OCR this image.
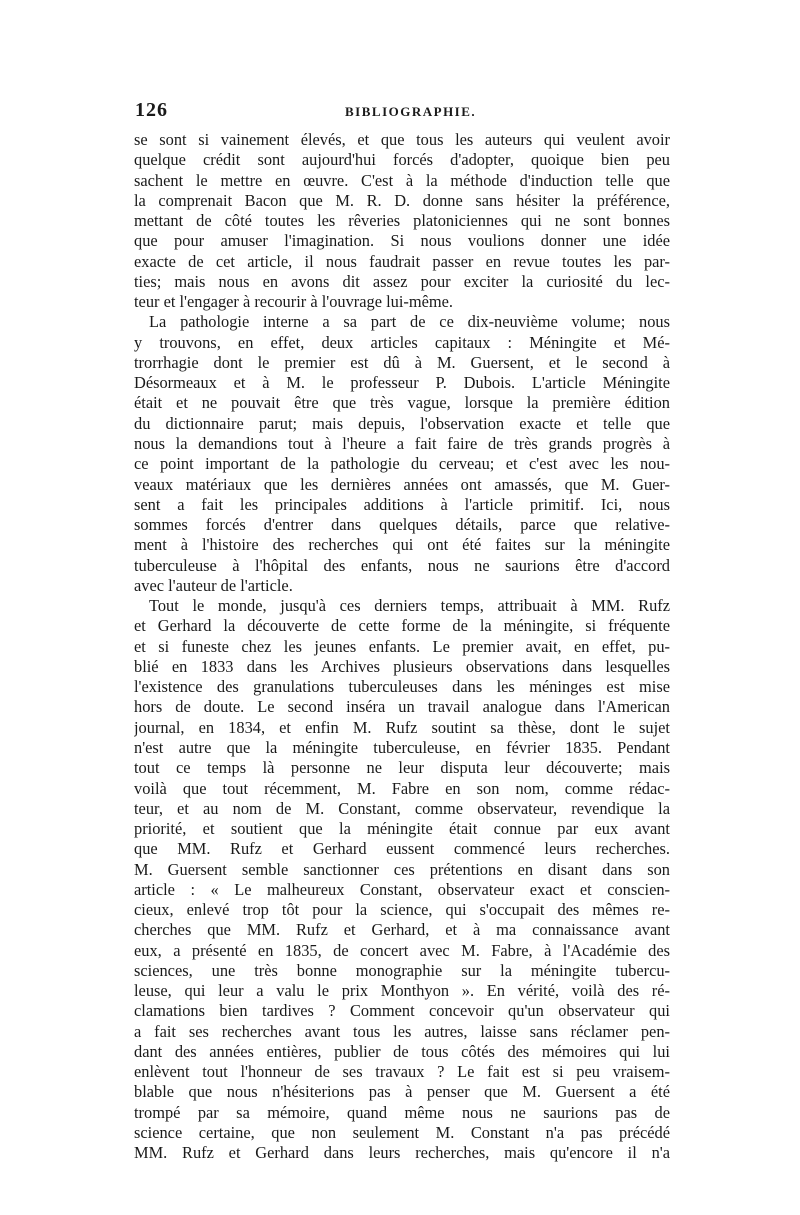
126	BIBLIOGRAPHIE.
se sont si vainement élevés, et que tous les auteurs qui veulent avoir
quelque crédit sont aujourd'hui forcés d'adopter, quoique bien peu
sachent le mettre en œuvre. C'est à la méthode d'induction telle que
la comprenait Bacon que M. R. D. donne sans hésiter la préférence,
mettant de côté toutes les rêveries platoniciennes qui ne sont bonnes
que pour amuser l'imagination. Si nous voulions donner une idée
exacte de cet article, il nous faudrait passer en revue toutes les par-
ties; mais nous en avons dit assez pour exciter la curiosité du lec-
teur et l'engager à recourir à l'ouvrage lui-même.
La pathologie interne a sa part de ce dix-neuvième volume; nous
y trouvons, en effet, deux articles capitaux : Méningite et Mé-
trorrhagie dont le premier est dû à M. Guersent, et le second à
Désormeaux et à M. le professeur P. Dubois. L'article Méningite
était et ne pouvait être que très vague, lorsque la première édition
du dictionnaire parut; mais depuis, l'observation exacte et telle que
nous la demandions tout à l'heure a fait faire de très grands progrès à
ce point important de la pathologie du cerveau; et c'est avec les nou-
veaux matériaux que les dernières années ont amassés, que M. Guer-
sent a fait les principales additions à l'article primitif. Ici, nous
sommes forcés d'entrer dans quelques détails, parce que relative-
ment à l'histoire des recherches qui ont été faites sur la méningite
tuberculeuse à l'hôpital des enfants, nous ne saurions être d'accord
avec l'auteur de l'article.
Tout le monde, jusqu'à ces derniers temps, attribuait à MM. Rufz
et Gerhard la découverte de cette forme de la méningite, si fréquente
et si funeste chez les jeunes enfants. Le premier avait, en effet, pu-
blié en 1833 dans les Archives plusieurs observations dans lesquelles
l'existence des granulations tuberculeuses dans les méninges est mise
hors de doute. Le second inséra un travail analogue dans l'American
journal, en 1834, et enfin M. Rufz soutint sa thèse, dont le sujet
n'est autre que la méningite tuberculeuse, en février 1835. Pendant
tout ce temps là personne ne leur disputa leur découverte; mais
voilà que tout récemment, M. Fabre en son nom, comme rédac-
teur, et au nom de M. Constant, comme observateur, revendique la
priorité, et soutient que la méningite était connue par eux avant
que MM. Rufz et Gerhard eussent commencé leurs recherches.
M. Guersent semble sanctionner ces prétentions en disant dans son
article : « Le malheureux Constant, observateur exact et conscien-
cieux, enlevé trop tôt pour la science, qui s'occupait des mêmes re-
cherches que MM. Rufz et Gerhard, et à ma connaissance avant
eux, a présenté en 1835, de concert avec M. Fabre, à l'Académie des
sciences, une très bonne monographie sur la méningite tubercu-
leuse, qui leur a valu le prix Monthyon ». En vérité, voilà des ré-
clamations bien tardives ? Comment concevoir qu'un observateur qui
a fait ses recherches avant tous les autres, laisse sans réclamer pen-
dant des années entières, publier de tous côtés des mémoires qui lui
enlèvent tout l'honneur de ses travaux ? Le fait est si peu vraisem-
blable que nous n'hésiterions pas à penser que M. Guersent a été
trompé par sa mémoire, quand même nous ne saurions pas de
science certaine, que non seulement M. Constant n'a pas précédé
MM. Rufz et Gerhard dans leurs recherches, mais qu'encore il n'a
